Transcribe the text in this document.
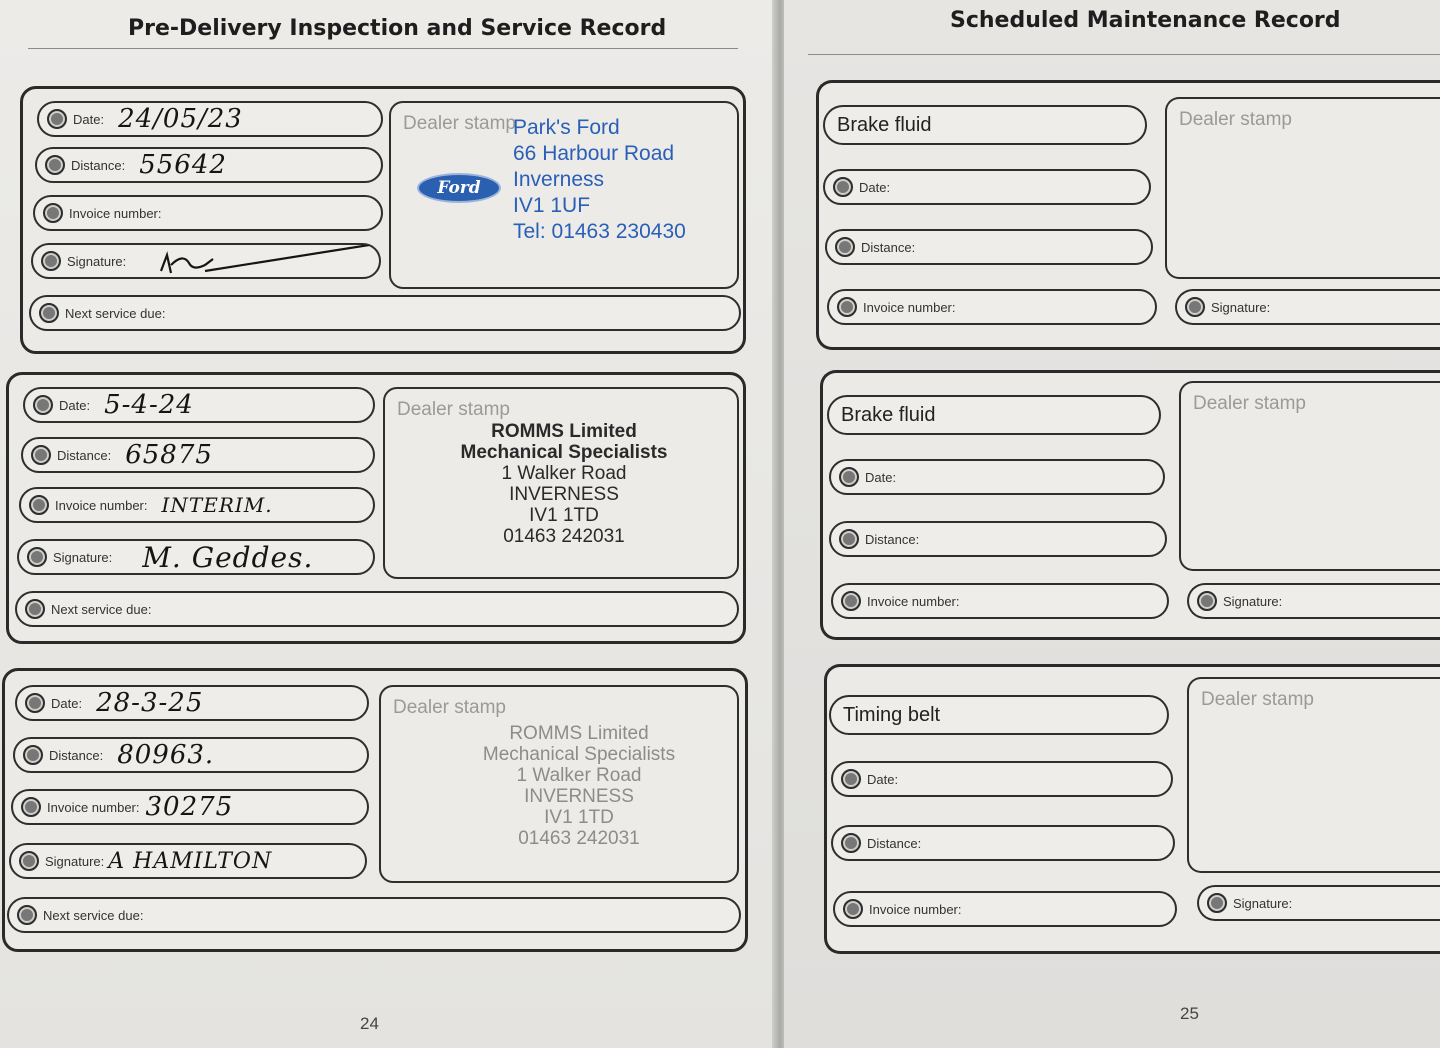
Pre-Delivery Inspection and Service Record
Date: 24/05/23
Distance: 55642
Invoice number:
Signature:
Next service due:
Dealer stamp
Ford
Park's Ford
66 Harbour Road
Inverness
IV1 1UF
Tel: 01463 230430
Date: 5-4-24
Distance: 65875
Invoice number: INTERIM.
Signature: M. Geddes.
Next service due:
Dealer stamp
ROMMS Limited
Mechanical Specialists
1 Walker Road
INVERNESS
IV1 1TD
01463 242031
Date: 28-3-25
Distance: 80963.
Invoice number: 30275
Signature: A HAMILTON
Next service due:
Dealer stamp
ROMMS Limited
Mechanical Specialists
1 Walker Road
INVERNESS
IV1 1TD
01463 242031
24
Scheduled Maintenance Record
Brake fluid
Date:
Distance:
Invoice number:
Dealer stamp
Signature:
Brake fluid
Date:
Distance:
Invoice number:
Dealer stamp
Signature:
Timing belt
Date:
Distance:
Invoice number:
Dealer stamp
Signature:
25
